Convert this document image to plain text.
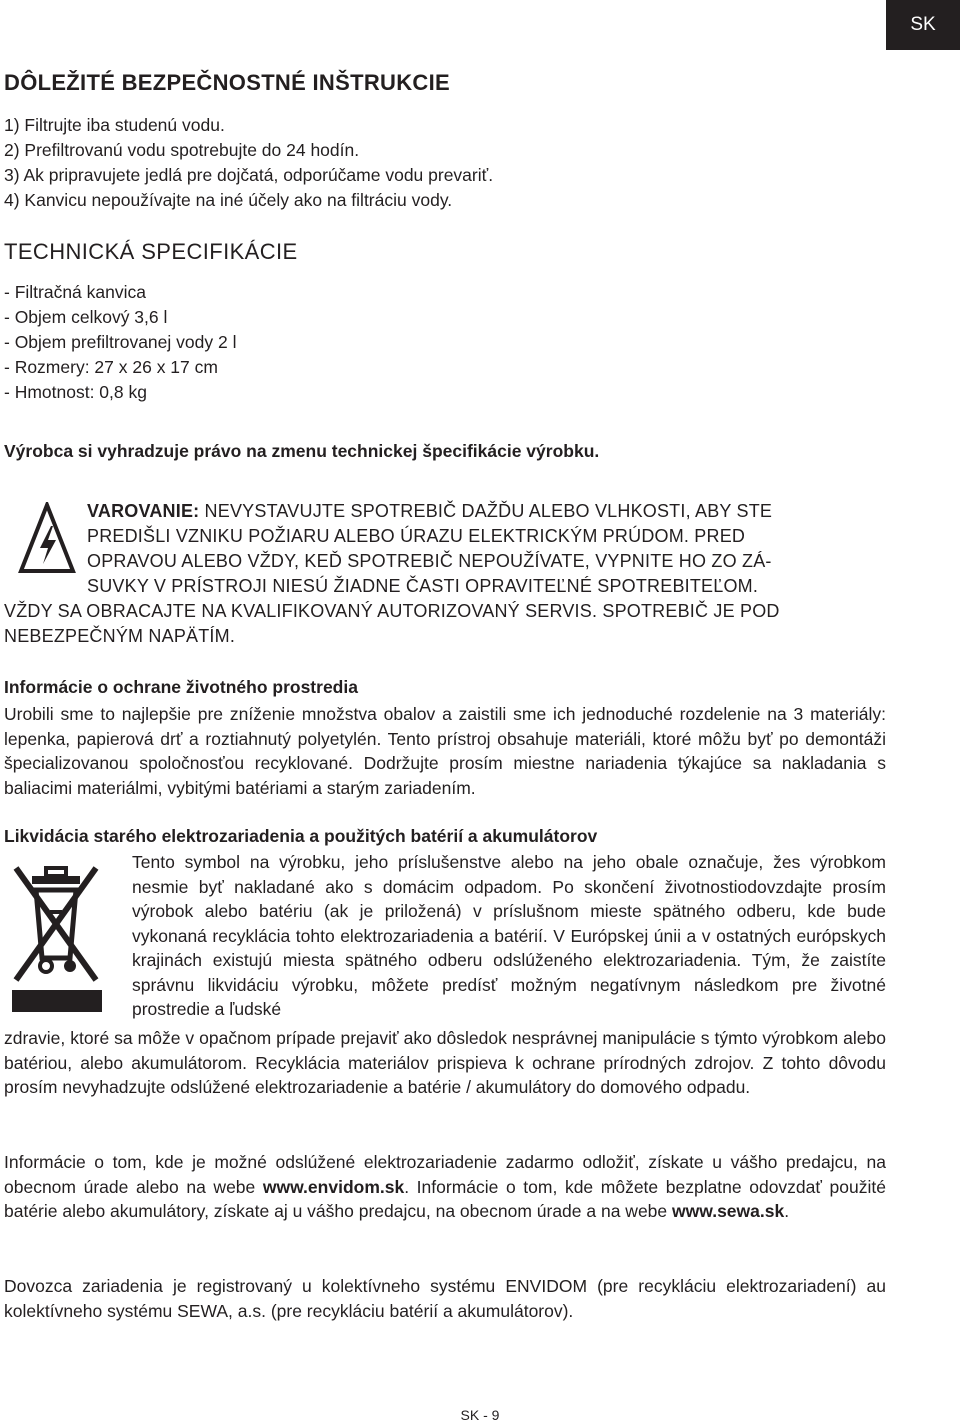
SK
DÔLEŽITÉ BEZPEČNOSTNÉ INŠTRUKCIE
1) Filtrujte iba studenú vodu.
2) Prefiltrovanú vodu spotrebujte do 24 hodín.
3) Ak pripravujete jedlá pre dojčatá, odporúčame vodu prevariť.
4) Kanvicu nepoužívajte na iné účely ako na filtráciu vody.
TECHNICKÁ SPECIFIKÁCIE
- Filtračná kanvica
- Objem celkový 3,6 l
- Objem prefiltrovanej vody 2 l
- Rozmery: 27 x 26 x 17 cm
- Hmotnost: 0,8 kg
Výrobca si vyhradzuje právo na zmenu technickej špecifikácie výrobku.
VAROVANIE: NEVYSTAVUJTE SPOTREBIČ DAŽĎU ALEBO VLHKOSTI, ABY STE
PREDIŠLI VZNIKU POŽIARU ALEBO ÚRAZU ELEKTRICKÝM PRÚDOM. PRED
OPRAVOU ALEBO VŽDY, KEĎ SPOTREBIČ NEPOUŽÍVATE, VYPNITE HO ZO ZÁ-
SUVKY V PRÍSTROJI NIESÚ ŽIADNE ČASTI OPRAVITEĽNÉ SPOTREBITEĽOM.
VŽDY SA OBRACAJTE NA KVALIFIKOVANÝ AUTORIZOVANÝ SERVIS. SPOTREBIČ JE POD
NEBEZPEČNÝM NAPÄTÍM.
Informácie o ochrane životného prostredia
Urobili sme to najlepšie pre zníženie množstva obalov a zaistili sme ich jednoduché rozdelenie na 3 materiály: lepenka, papierová drť a roztiahnutý polyetylén. Tento prístroj obsahuje materiáli, ktoré môžu byť po demontáži špecializovanou spoločnosťou recyklované. Dodržujte prosím miestne nariadenia týkajúce sa nakladania s baliacimi materiálmi, vybitými batériami a starým zariadením.
Likvidácia starého elektrozariadenia a použitých batérií a akumulátorov
Tento symbol na výrobku, jeho príslušenstve alebo na jeho obale označuje, žes výrobkom nesmie byť nakladané ako s domácim odpadom. Po skončení životnostiodovzdajte prosím výrobok alebo batériu (ak je priložená) v príslušnom mieste spätného odberu, kde bude vykonaná recyklácia tohto elektrozariadenia a batérií. V Európskej únii a v ostatných európskych krajinách existujú miesta spätného odberu odslúženého elektrozariadenia. Tým, že zaistíte správnu likvidáciu výrobku, môžete predísť možným negatívnym následkom pre životné prostredie a ľudské
zdravie, ktoré sa môže v opačnom prípade prejaviť ako dôsledok nesprávnej manipulácie s týmto výrobkom alebo batériou, alebo akumulátorom. Recyklácia materiálov prispieva k ochrane prírodných zdrojov. Z tohto dôvodu prosím nevyhadzujte odslúžené elektrozariadenie a batérie / akumulátory do domového odpadu.
Informácie o tom, kde je možné odslúžené elektrozariadenie zadarmo odložiť, získate u vášho predajcu, na obecnom úrade alebo na webe www.envidom.sk. Informácie o tom, kde môžete bezplatne odovzdať použité batérie alebo akumulátory, získate aj u vášho predajcu, na obecnom úrade a na webe www.sewa.sk.
Dovozca zariadenia je registrovaný u kolektívneho systému ENVIDOM (pre recykláciu elektrozariadení) au kolektívneho systému SEWA, a.s. (pre recykláciu batérií a akumulátorov).
SK - 9
